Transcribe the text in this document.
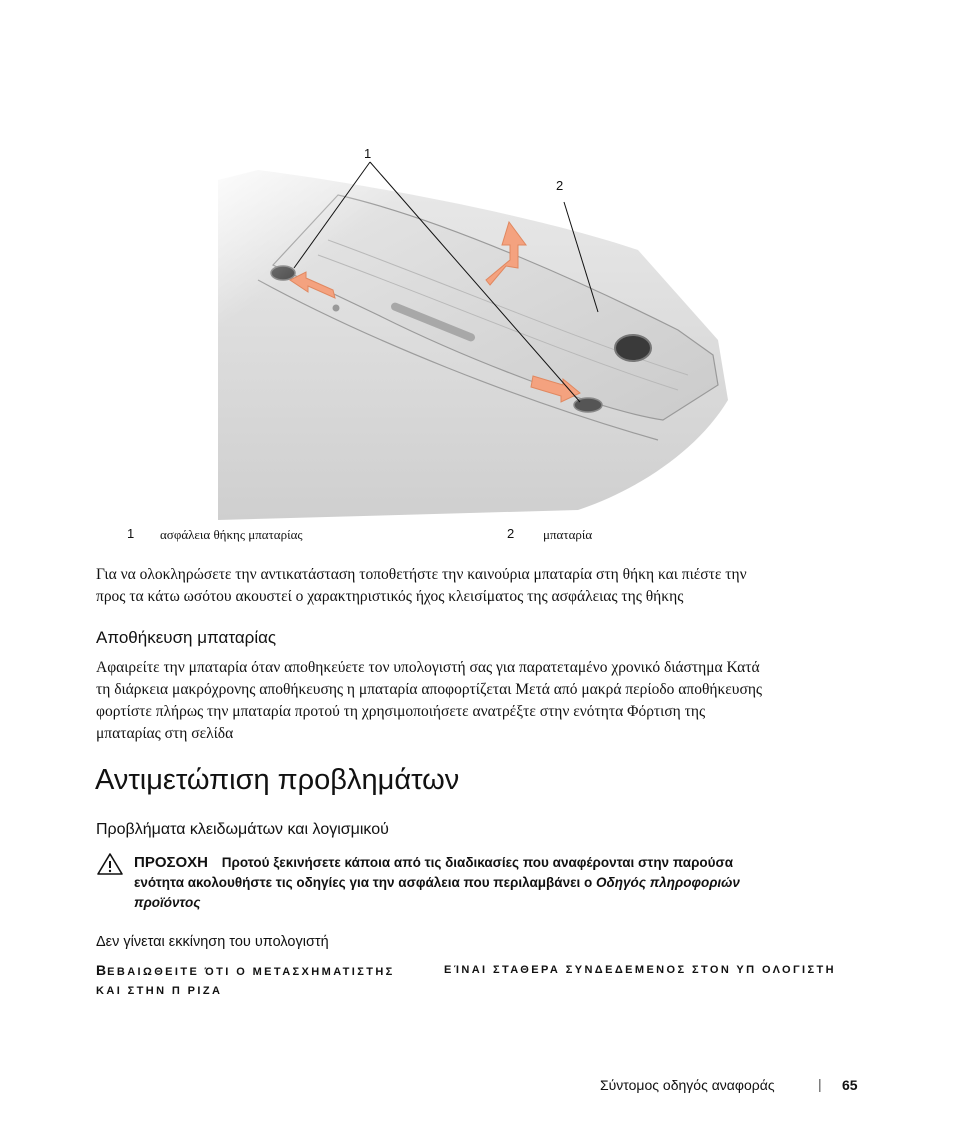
1
2
1 ασφάλεια θήκης μπαταρίας	2 μπαταρία
Για να ολοκληρώσετε την αντικατάσταση τοποθετήστε την καινούρια μπαταρία στη θήκη και πιέστε την
προς τα κάτω ωσότου ακουστεί ο χαρακτηριστικός ήχος κλεισίματος της ασφάλειας της θήκης
Αποθήκευση μπαταρίας
Αφαιρείτε την μπαταρία όταν αποθηκεύετε τον υπολογιστή σας για παρατεταμένο χρονικό διάστημα Κατά
τη διάρκεια μακρόχρονης αποθήκευσης η μπαταρία αποφορτίζεται Μετά από μακρά περίοδο αποθήκευσης
φορτίστε πλήρως την μπαταρία προτού τη χρησιμοποιήσετε ανατρέξτε στην ενότητα Φόρτιση της
μπαταρίας στη σελίδα
Αντιμετώπιση προβλημάτων
Προβλήματα κλειδωμάτων και λογισμικού
ΠΡΟΣΟΧΗ Προτού ξεκινήσετε κάποια από τις διαδικασίες που αναφέρονται στην παρούσα
ενότητα ακολουθήστε τις οδηγίες για την ασφάλεια που περιλαμβάνει ο Οδηγός πληροφοριών
προϊόντος
Δεν γίνεται εκκίνηση του υπολογιστή
ΒΕΒΑΙΩΘΕΙΤΕ ΌΤΙ Ο ΜΕΤΑΣΧΗΜΑΤΙΣΤΗΣ	ΕΊΝΑΙ ΣΤΑΘΕΡΑ ΣΥΝΔΕΔΕΜΕΝΟΣ ΣΤΟΝ ΥΠ ΟΛΟΓΙΣΤΗ
ΚΑΙ ΣΤΗΝ Π ΡΙΖΑ
Σύντομος οδηγός αναφοράς	| 65
